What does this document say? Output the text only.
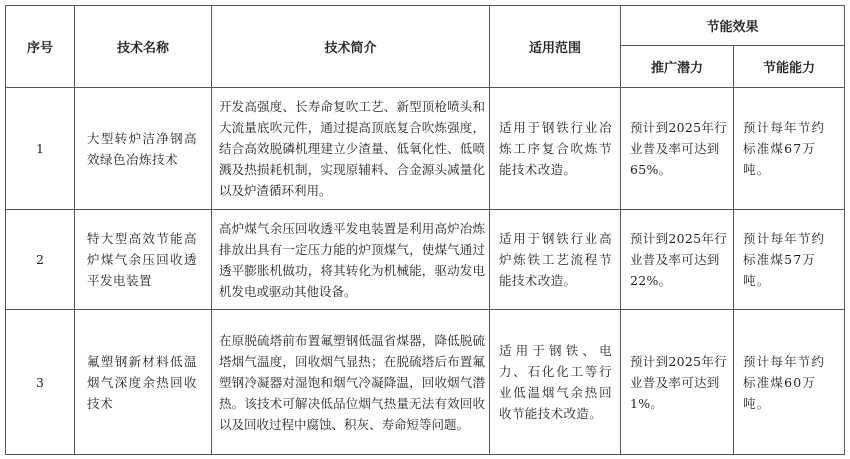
序号	技术名称	技术简介	适用范围	节能效果	
				推广潜力	节能能力
1	大型转炉洁净钢高效绿色冶炼技术	开发高强度、长寿命复吹工艺、新型顶枪喷头和大流量底吹元件，通过提高顶底复合吹炼强度，结合高效脱磷机理建立少渣量、低氧化性、低喷溅及热损耗机制，实现原辅料、合金源头减量化以及炉渣循环利用。	适用于钢铁行业冶炼工序复合吹炼节能技术改造。	预计到2025年行业普及率可达到65%。	预计每年节约标准煤67万吨。
2	特大型高效节能高炉煤气余压回收透平发电装置	高炉煤气余压回收透平发电装置是利用高炉冶炼排放出具有一定压力能的炉顶煤气，使煤气通过透平膨胀机做功，将其转化为机械能，驱动发电机发电或驱动其他设备。	适用于钢铁行业高炉炼铁工艺流程节能技术改造。	预计到2025年行业普及率可达到22%。	预计每年节约标准煤57万吨。
3	氟塑钢新材料低温烟气深度余热回收技术	在原脱硫塔前布置氟塑钢低温省煤器，降低脱硫塔烟气温度，回收烟气显热；在脱硫塔后布置氟塑钢冷凝器对湿饱和烟气冷凝降温，回收烟气潜热。该技术可解决低品位烟气热量无法有效回收以及回收过程中腐蚀、积灰、寿命短等问题。	适用于钢铁、电力、石化化工等行业低温烟气余热回收节能技术改造。	预计到2025年行业普及率可达到1%。	预计每年节约标准煤60万吨。
